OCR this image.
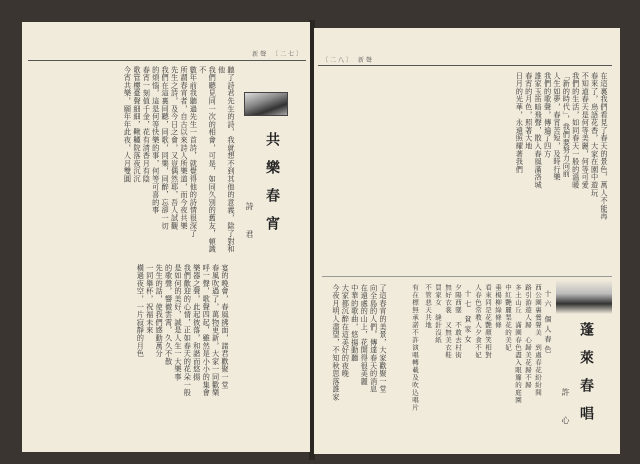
新聲 〔二七〕
聽了詩君先生的詩，我就想不到其他的意義，除了對和他
我們聽見同一次的相會，可是，如同久別的舊友，頓識不
數年前我聽過先生一首詩，就覺得他的詩情很深了
所謂春宵者，自古以來詩人所樂道，而今夜共樂
先生之詩，及今日之會，又豈偶然耶，吾人試觀
我們在這裏同聽，同歌，同樂，同醉，忘卻一切
的煩惱，這是何等快樂的事，何等可喜的事
春宵一刻值千金，花有清香月有陰
歌管樓臺聲細細，鞦韆院落夜沉沉
今宵共樂，願年年此夜，人月雙圓
共樂春宵
詩君
宴的晚會，春風拂面，諸君歡聚一堂
春風吹過了，萬物更新，大家一同歡樂
呼一聲，歌聲四起，雖然是小小的集會
樂器之聲，此起彼落，和諧而悠揚
我們歡迎的心情，正如春天的花朵一般
是如何的美好，誠是人生一大樂事
的歌聲，響徹雲霄，久久不散
先生的話，使我們感動萬分
一同舉杯，祝福未來
橫過夜空，一片寂靜的月色
〔二八〕 新聲
在這裏我們看見了春天的景色，萬人不能再
春來了，鳥語花香，大家在園中遊玩
不知道春天是何等美麗，何等可愛
我們的生活，如同春天一般的溫暖
「新的時代」，我們要努力向前
人生如夢，春宵苦短，及時行樂
我們的歌聲，傳遍了四方
誰家玉笛暗飛聲，散入春風滿洛城
春宵的月色，照著大地
日月的光華，永遠照耀著我們
了這春宵的美景，大家歡聚一堂
向全島的人們，傳達春天的消息
在遠處的山上，花開得很美麗
中華的歌曲，悠揚動聽
大家都沉醉在這美好的夜晚
今夜月明人盡望，不知秋思落誰家	蓬萊春唱
許心
十六 個人春色
西公園裏鶯聲美　到處春花紛紛開
路引游遊人歸　心歸美花歸不歸
多土山丘　滿園春色盡入眼簾的庭園
中紅艷麗梨花的美妃
垂楊柳綠條條
看來同是花艷顏笑相對
人春色常教人夕食不妃
十七 貧家女
夕陽西墜　不敢去村街
無好衣裳　又無美衣鞋
買家女　縫針沒紙
不管悲天共地
有在標無承諾不許演唱轉載及吹込唱片
